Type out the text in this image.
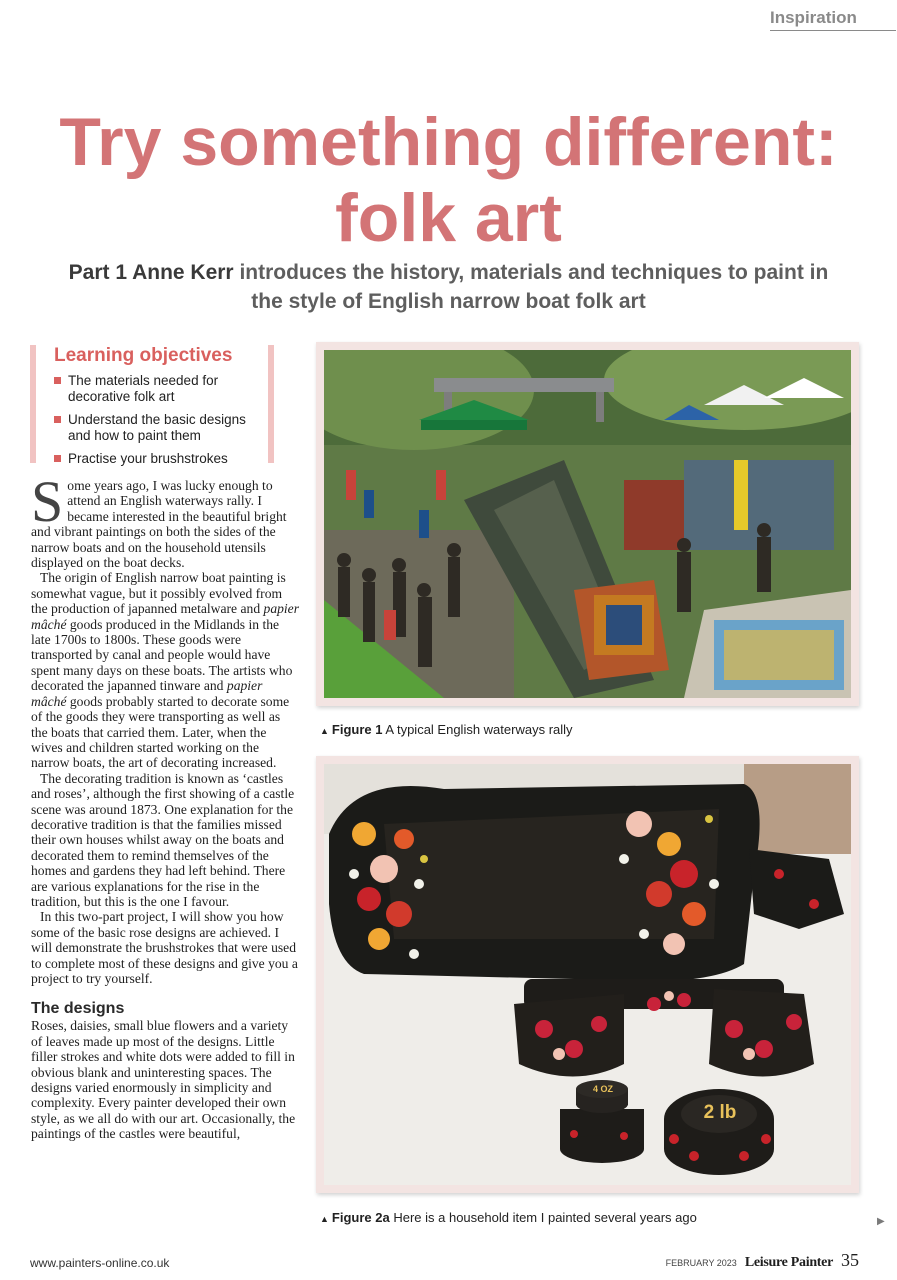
Inspiration
Try something different:
folk art

Part 1 Anne Kerr introduces the history, materials and techniques to paint in the style of English narrow boat folk art

Learning objectives
The materials needed for decorative folk art
Understand the basic designs and how to paint them
Practise your brushstrokes

Some years ago, I was lucky enough to attend an English waterways rally. I became interested in the beautiful bright and vibrant paintings on both the sides of the narrow boats and on the household utensils displayed on the boat decks.

The origin of English narrow boat painting is somewhat vague, but it possibly evolved from the production of japanned metalware and papier mâché goods produced in the Midlands in the late 1700s to 1800s. These goods were transported by canal and people would have spent many days on these boats. The artists who decorated the japanned tinware and papier mâché goods probably started to decorate some of the goods they were transporting as well as the boats that carried them. Later, when the wives and children started working on the narrow boats, the art of decorating increased.

The decorating tradition is known as ‘castles and roses’, although the first showing of a castle scene was around 1873. One explanation for the decorative tradition is that the families missed their own houses whilst away on the boats and decorated them to remind themselves of the homes and gardens they had left behind. There are various explanations for the rise in the tradition, but this is the one I favour.

In this two-part project, I will show you how some of the basic rose designs are achieved. I will demonstrate the brushstrokes that were used to complete most of these designs and give you a project to try yourself.

The designs

Roses, daisies, small blue flowers and a variety of leaves made up most of the designs. Little filler strokes and white dots were added to fill in obvious blank and uninteresting spaces. The designs varied enormously in simplicity and complexity. Every painter developed their own style, as we all do with our art. Occasionally, the paintings of the castles were beautiful,

▲ Figure 1 A typical English waterways rally
4 OZ
2 lb
▲ Figure 2a Here is a household item I painted several years ago	▶
www.painters-online.co.uk	FEBRUARY 2023 Leisure Painter 35
